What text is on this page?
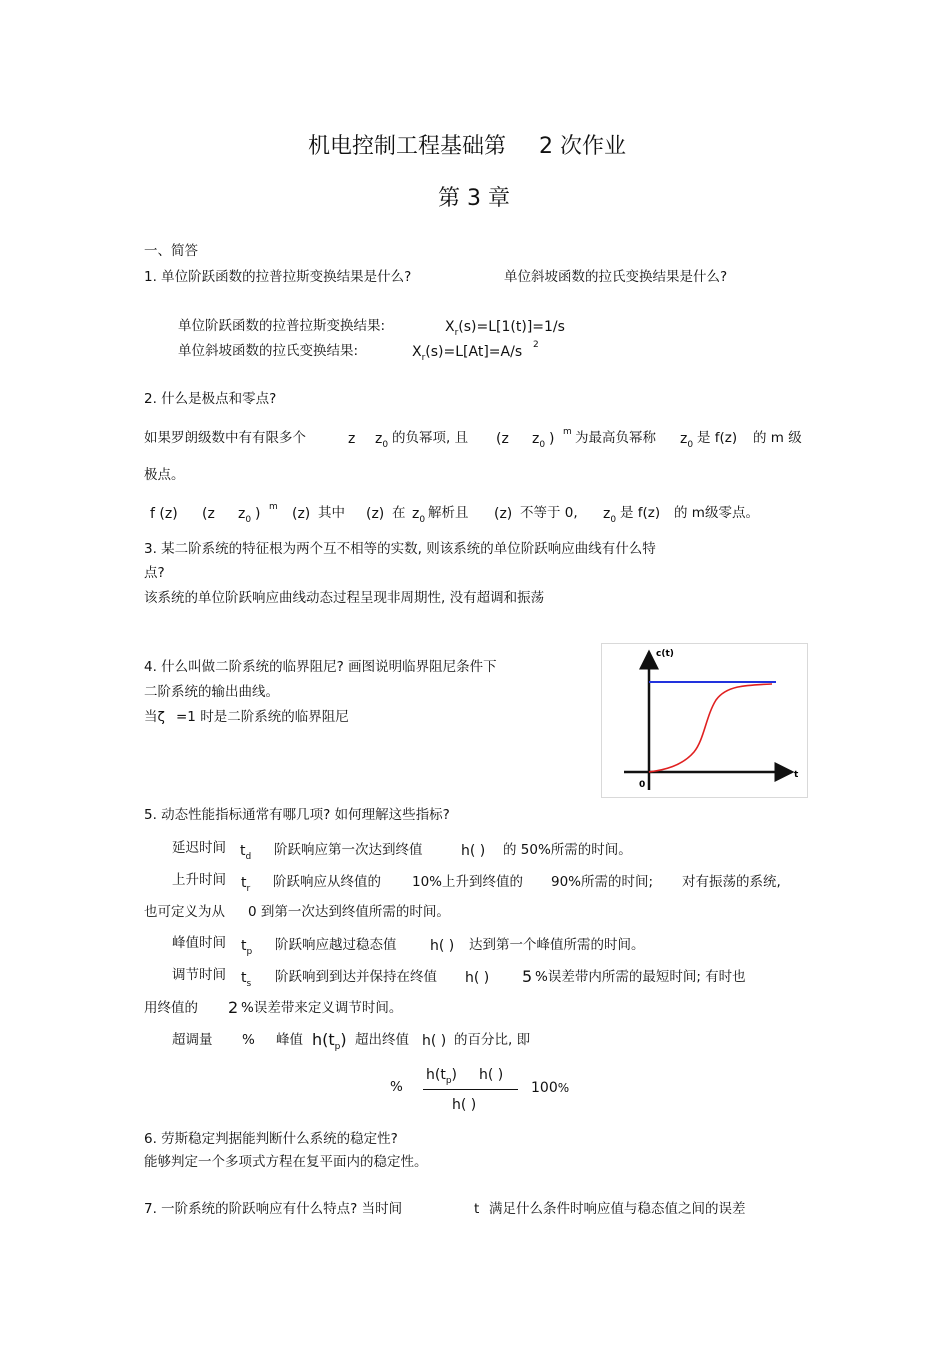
机电控制工程基础第 2 次作业
第 3 章
一、简答
1. 单位阶跃函数的拉普拉斯变换结果是什么?	单位斜坡函数的拉氏变换结果是什么?
单位阶跃函数的拉普拉斯变换结果:	$X_r(s)=L[1(t)]=1/s$
单位斜坡函数的拉氏变换结果:	$X_r(s)=L[At]=A/s$ 2
2. 什么是极点和零点?
如果罗朗级数中有有限多个	z $z_0$ 的负幂项, 且 (z $z_0$ ) m 为最高负幂称 $z_0$ 是 f(z) 的 m 级
极点。
f (z) (z $z_0$ ) m (z) 其中 (z) 在 $z_0$ 解析且 (z) 不等于 0, $z_0$ 是 f(z) 的 m级零点。
3. 某二阶系统的特征根为两个互不相等的实数, 则该系统的单位阶跃响应曲线有什么特
点?
该系统的单位阶跃响应曲线动态过程呈现非周期性, 没有超调和振荡
4. 什么叫做二阶系统的临界阻尼? 画图说明临界阻尼条件下
二阶系统的输出曲线。
当ζ =1 时是二阶系统的临界阻尼
c(t)
t
0
5. 动态性能指标通常有哪几项? 如何理解这些指标?
延迟时间 $t_d$ 阶跃响应第一次达到终值	h( ) 的 50%所需的时间。
上升时间 $t_r$ 阶跃响应从终值的 10%上升到终值的 90%所需的时间; 对有振荡的系统,
也可定义为从 0 到第一次达到终值所需的时间。
峰值时间 $t_p$ 阶跃响应越过稳态值 h( ) 达到第一个峰值所需的时间。
调节时间 $t_s$ 阶跃响到到达并保持在终值 h( ) 5 %误差带内所需的最短时间; 有时也
用终值的 2 %误差带来定义调节时间。
超调量 % 峰值 $h(t_p)$ 超出终值 h( ) 的百分比, 即
%
$h(t_p)$ h( )
h( )
100%
6. 劳斯稳定判据能判断什么系统的稳定性?
能够判定一个多项式方程在复平面内的稳定性。
7. 一阶系统的阶跃响应有什么特点? 当时间	t 满足什么条件时响应值与稳态值之间的误差
